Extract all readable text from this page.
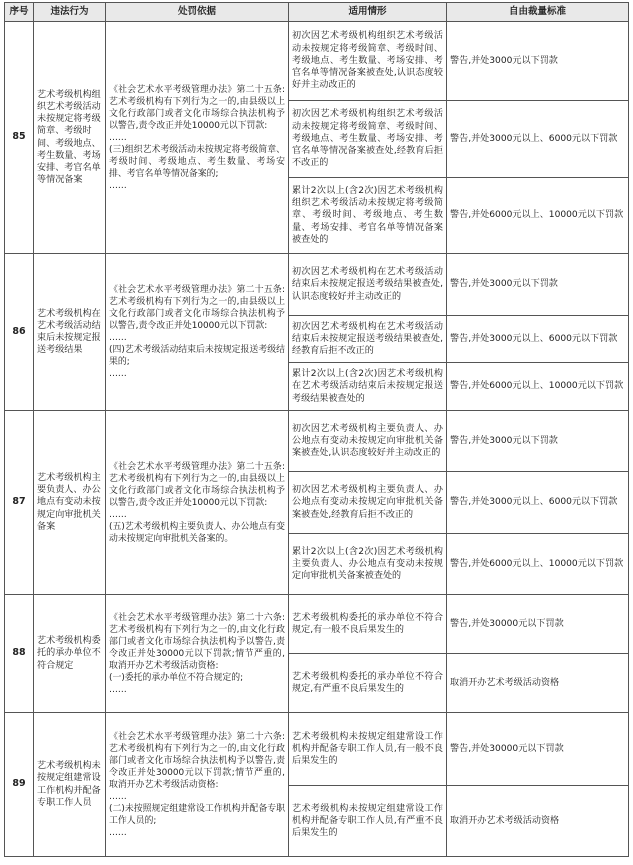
序号	违法行为	处罚依据	适用情形	自由裁量标准
85	艺术考级机构组织艺术考级活动未按规定将考级简章、考级时间、考级地点、考生数量、考场安排、考官名单等情况备案	《社会艺术水平考级管理办法》第二十五条:艺术考级机构有下列行为之一的,由县级以上文化行政部门或者文化市场综合执法机构予以警告,责令改正并处10000元以下罚款:
……
(三)组织艺术考级活动未按规定将考级简章、考级时间、考级地点、考生数量、考场安排、考官名单等情况备案的;
……	初次因艺术考级机构组织艺术考级活动未按规定将考级简章、考级时间、考级地点、考生数量、考场安排、考官名单等情况备案被查处,认识态度较好并主动改正的	警告,并处3000元以下罚款
			初次因艺术考级机构组织艺术考级活动未按规定将考级简章、考级时间、考级地点、考生数量、考场安排、考官名单等情况备案被查处,经教育后拒不改正的	警告,并处3000元以上、6000元以下罚款
			累计2次以上(含2次)因艺术考级机构组织艺术考级活动未按规定将考级简章、考级时间、考级地点、考生数量、考场安排、考官名单等情况备案被查处的	警告,并处6000元以上、10000元以下罚款
86	艺术考级机构在艺术考级活动结束后未按规定报送考级结果	《社会艺术水平考级管理办法》第二十五条:艺术考级机构有下列行为之一的,由县级以上文化行政部门或者文化市场综合执法机构予以警告,责令改正并处10000元以下罚款:
……
(四)艺术考级活动结束后未按规定报送考级结果的;
……	初次因艺术考级机构在艺术考级活动结束后未按规定报送考级结果被查处,认识态度较好并主动改正的	警告,并处3000元以下罚款
			初次因艺术考级机构在艺术考级活动结束后未按规定报送考级结果被查处,经教育后拒不改正的	警告,并处3000元以上、6000元以下罚款
			累计2次以上(含2次)因艺术考级机构在艺术考级活动结束后未按规定报送考级结果被查处的	警告,并处6000元以上、10000元以下罚款
87	艺术考级机构主要负责人、办公地点有变动未按规定向审批机关备案	《社会艺术水平考级管理办法》第二十五条:艺术考级机构有下列行为之一的,由县级以上文化行政部门或者文化市场综合执法机构予以警告,责令改正并处10000元以下罚款:
……
(五)艺术考级机构主要负责人、办公地点有变动未按规定向审批机关备案的。	初次因艺术考级机构主要负责人、办公地点有变动未按规定向审批机关备案被查处,认识态度较好并主动改正的	警告,并处3000元以下罚款
			初次因艺术考级机构主要负责人、办公地点有变动未按规定向审批机关备案被查处,经教育后拒不改正的	警告,并处3000元以上、6000元以下罚款
			累计2次以上(含2次)因艺术考级机构主要负责人、办公地点有变动未按规定向审批机关备案被查处的	警告,并处6000元以上、10000元以下罚款
88	艺术考级机构委托的承办单位不符合规定	《社会艺术水平考级管理办法》第二十六条:艺术考级机构有下列行为之一的,由文化行政部门或者文化市场综合执法机构予以警告,责令改正并处30000元以下罚款;情节严重的,取消开办艺术考级活动资格:
(一)委托的承办单位不符合规定的;
……	艺术考级机构委托的承办单位不符合规定,有一般不良后果发生的	警告,并处30000元以下罚款
			艺术考级机构委托的承办单位不符合规定,有严重不良后果发生的	取消开办艺术考级活动资格
89	艺术考级机构未按规定组建常设工作机构并配备专职工作人员	《社会艺术水平考级管理办法》第二十六条:艺术考级机构有下列行为之一的,由文化行政部门或者文化市场综合执法机构予以警告,责令改正并处30000元以下罚款;情节严重的,取消开办艺术考级活动资格:
……
(二)未按照规定组建常设工作机构并配备专职工作人员的;
……	艺术考级机构未按规定组建常设工作机构并配备专职工作人员,有一般不良后果发生的	警告,并处30000元以下罚款
			艺术考级机构未按规定组建常设工作机构并配备专职工作人员,有严重不良后果发生的	取消开办艺术考级活动资格
